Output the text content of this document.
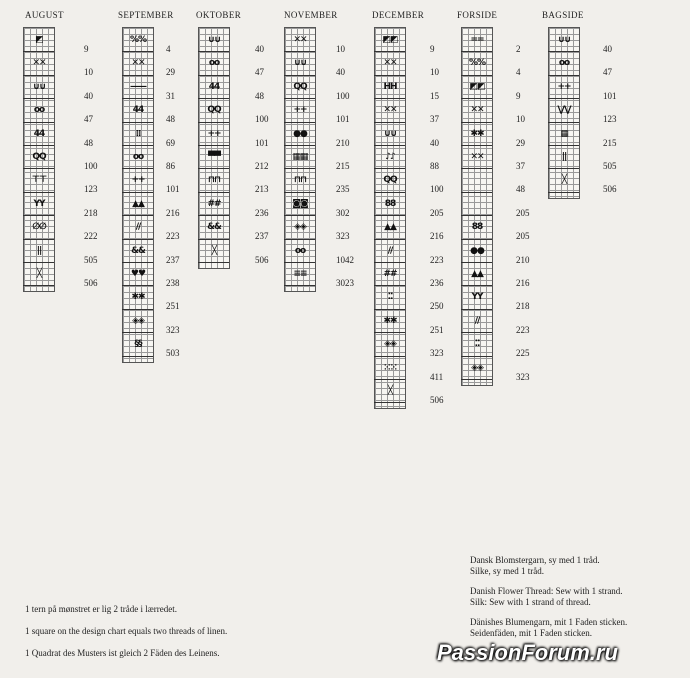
AUGUST
◩
✕✕
∪∪
oo
44
QQ
⊤⊤
YY
∅∅
||
╳
9
10
40
47
48
100
123
218
222
505
506
SEPTEMBER
%%
✕✕
——
44
⁞⁞
oo
++
▲▲
//
&&
♥♥
✱✱
◈◈
§§
4
29
31
48
69
86
101
216
223
237
238
251
323
503
OKTOBER
∪∪
oo
44
QQ
++
▀▀
⊓⊓
##
&&
╳
40
47
48
100
101
212
213
236
237
506
NOVEMBER
✕✕
∪∪
QQ
++
●●
▦▦
⊓⊓
◙◙
◈◈
oo
≡≡
10
40
100
101
210
215
235
302
323
1042
3023
DECEMBER
◩◩
✕✕
HH
✕✕
∪∪
♪♪
QQ
88
▲▲
//
##
⁚⁚
✱✱
◈◈
⁙⁙
╳
9
10
15
37
40
88
100
205
216
223
236
250
251
323
411
506
FORSIDE
==
%%
◩◩
✕✕
✱✱
✕✕
88
●●
▲▲
YY
//
⁚⁚
◈◈
2
4
9
10
29
37
48
205
205
210
216
218
223
225
323
BAGSIDE
∪∪
oo
++
⋁⋁
▦
||
╳
40
47
101
123
215
505
506
1 tern på mønstret er lig 2 tråde i lærredet.
1 square on the design chart equals two threads of linen.
1 Quadrat des Musters ist gleich 2 Fäden des Leinens.
Dansk Blomstergarn, sy med 1 tråd.
Silke, sy med 1 tråd.
Danish Flower Thread: Sew with 1 strand.
Silk: Sew with 1 strand of thread.
Dänishes Blumengarn, mit 1 Faden sticken.
Seidenfäden, mit 1 Faden sticken.
PassionForum.ru
